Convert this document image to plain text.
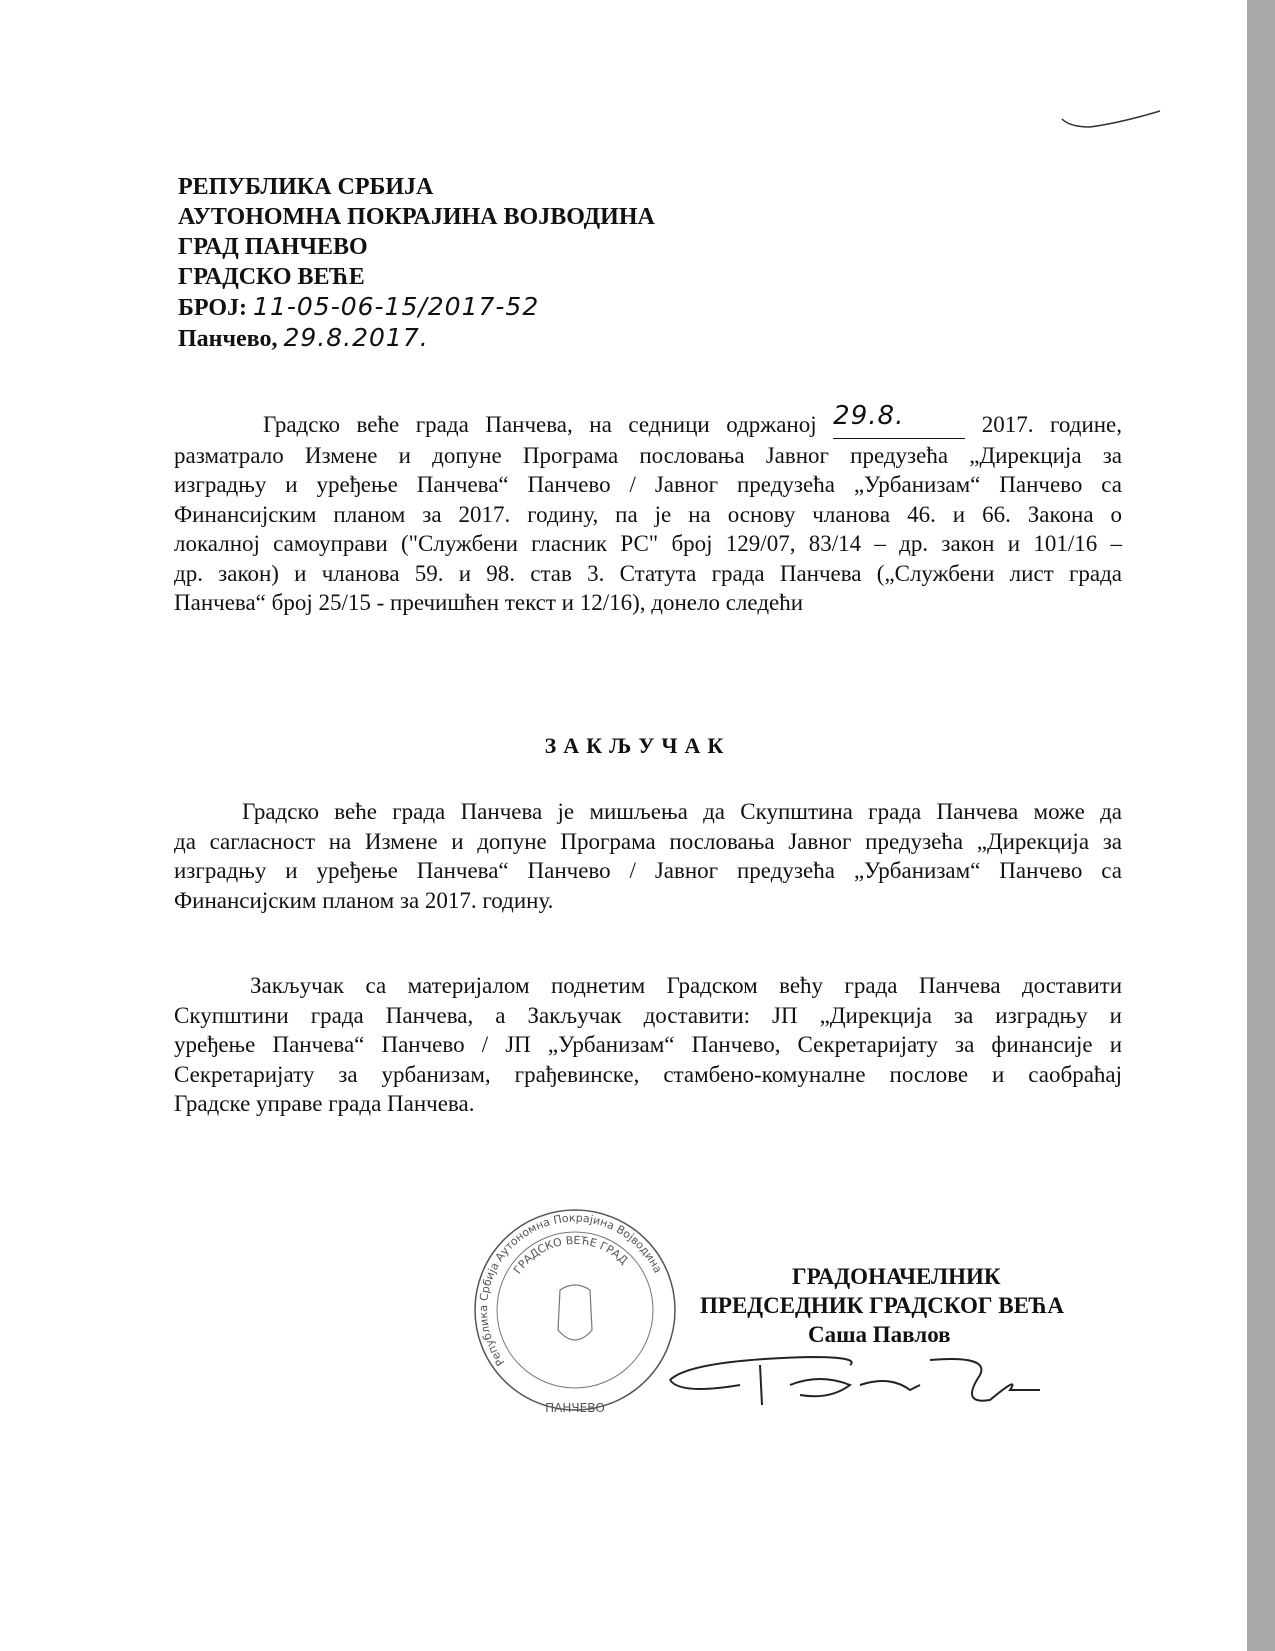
РЕПУБЛИКА СРБИЈА
АУТОНОМНА ПОКРАЈИНА ВОЈВОДИНА
ГРАД ПАНЧЕВО
ГРАДСКО ВЕЋЕ
БРОЈ: 11-05-06-15/2017-52
Панчево, 29.8.2017.
Градско веће града Панчева, на седници одржаној 29.8.	2017. године,
разматрало Измене и допуне Програма пословања Јавног предузећа „Дирекција за
изградњу и уређење Панчева“ Панчево / Јавног предузећа „Урбанизам“ Панчево са
Финансијским планом за 2017. годину, па је на основу чланова 46. и 66. Закона о
локалној самоуправи ("Службени гласник РС" број 129/07, 83/14 – др. закон и 101/16 –
др. закон) и чланова 59. и 98. став 3. Статута града Панчева („Службени лист града
Панчева“ број 25/15 - пречишћен текст и 12/16), донело следећи
ЗАКЉУЧАК
Градско веће града Панчева је мишљења да Скупштина града Панчева може да
да сагласност на Измене и допуне Програма пословања Јавног предузећа „Дирекција за
изградњу и уређење Панчева“ Панчево / Јавног предузећа „Урбанизам“ Панчево са
Финансијским планом за 2017. годину.
Закључак са материјалом поднетим Градском већу града Панчева доставити
Скупштини града Панчева, а Закључак доставити: ЈП „Дирекција за изградњу и
уређење Панчева“ Панчево / ЈП „Урбанизам“ Панчево, Секретаријату за финансије и
Секретаријату за урбанизам, грађевинске, стамбено-комуналне послове и саобраћај
Градске управе града Панчева.
Република Србија Аутономна Покрајина Војводина
ГРАДСКО ВЕЋЕ ГРАД
ПАНЧЕВО
ГРАДОНАЧЕЛНИК
ПРЕДСЕДНИК ГРАДСКОГ ВЕЋА
Саша Павлов
